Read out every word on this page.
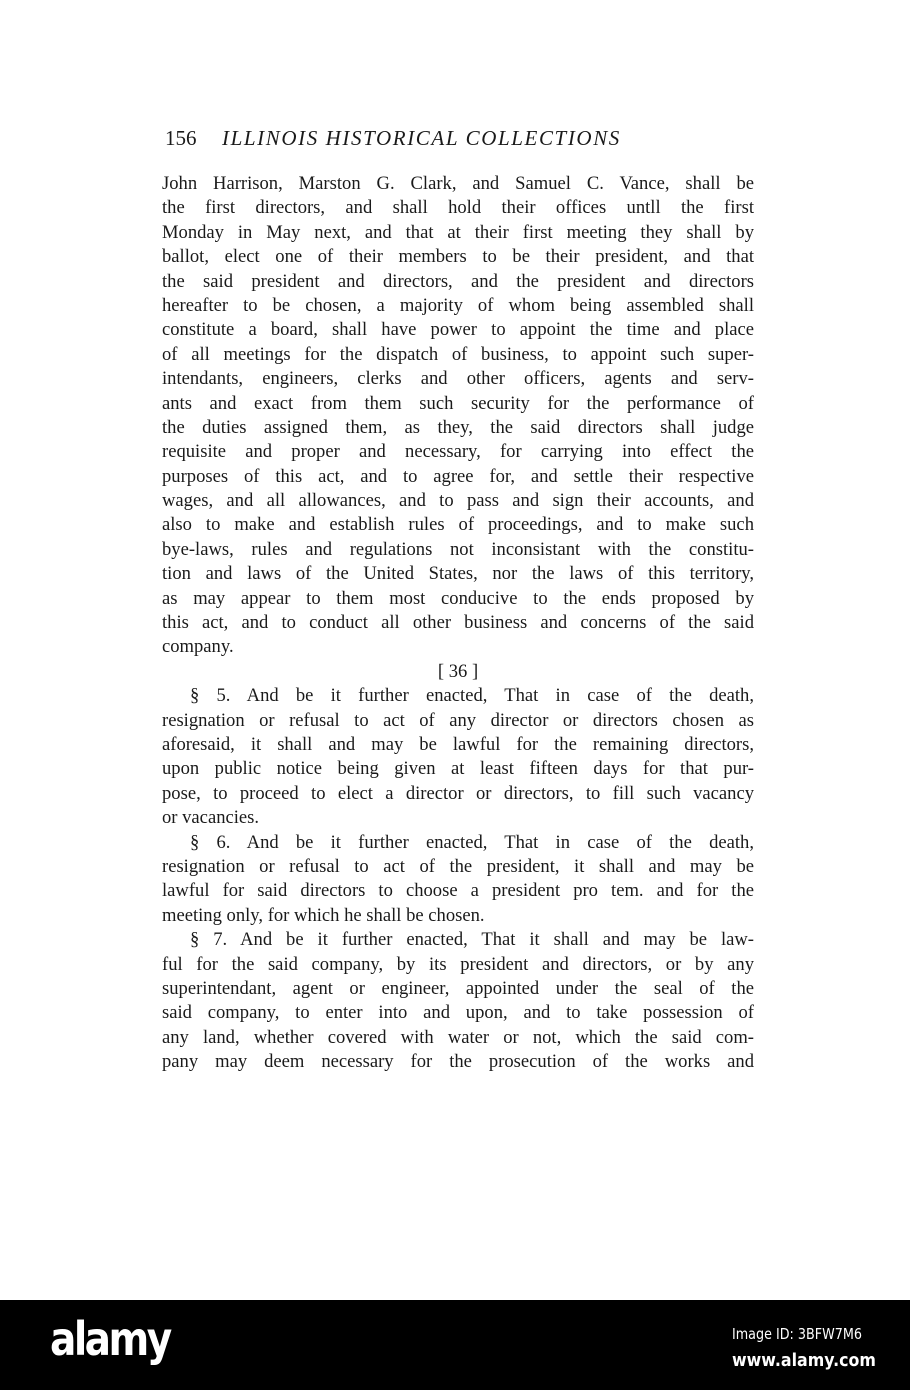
156 ILLINOIS HISTORICAL COLLECTIONS
John Harrison, Marston G. Clark, and Samuel C. Vance, shall be
the first directors, and shall hold their offices untll the first
Monday in May next, and that at their first meeting they shall by
ballot, elect one of their members to be their president, and that
the said president and directors, and the president and directors
hereafter to be chosen, a majority of whom being assembled shall
constitute a board, shall have power to appoint the time and place
of all meetings for the dispatch of business, to appoint such super-
intendants, engineers, clerks and other officers, agents and serv-
ants and exact from them such security for the performance of
the duties assigned them, as they, the said directors shall judge
requisite and proper and necessary, for carrying into effect the
purposes of this act, and to agree for, and settle their respective
wages, and all allowances, and to pass and sign their accounts, and
also to make and establish rules of proceedings, and to make such
bye-laws, rules and regulations not inconsistant with the constitu-
tion and laws of the United States, nor the laws of this territory,
as may appear to them most conducive to the ends proposed by
this act, and to conduct all other business and concerns of the said
company.
[ 36 ]
§ 5. And be it further enacted, That in case of the death,
resignation or refusal to act of any director or directors chosen as
aforesaid, it shall and may be lawful for the remaining directors,
upon public notice being given at least fifteen days for that pur-
pose, to proceed to elect a director or directors, to fill such vacancy
or vacancies.
§ 6. And be it further enacted, That in case of the death,
resignation or refusal to act of the president, it shall and may be
lawful for said directors to choose a president pro tem. and for the
meeting only, for which he shall be chosen.
§ 7. And be it further enacted, That it shall and may be law-
ful for the said company, by its president and directors, or by any
superintendant, agent or engineer, appointed under the seal of the
said company, to enter into and upon, and to take possession of
any land, whether covered with water or not, which the said com-
pany may deem necessary for the prosecution of the works and
alamy	Image ID: 3BFW7M6
www.alamy.com
